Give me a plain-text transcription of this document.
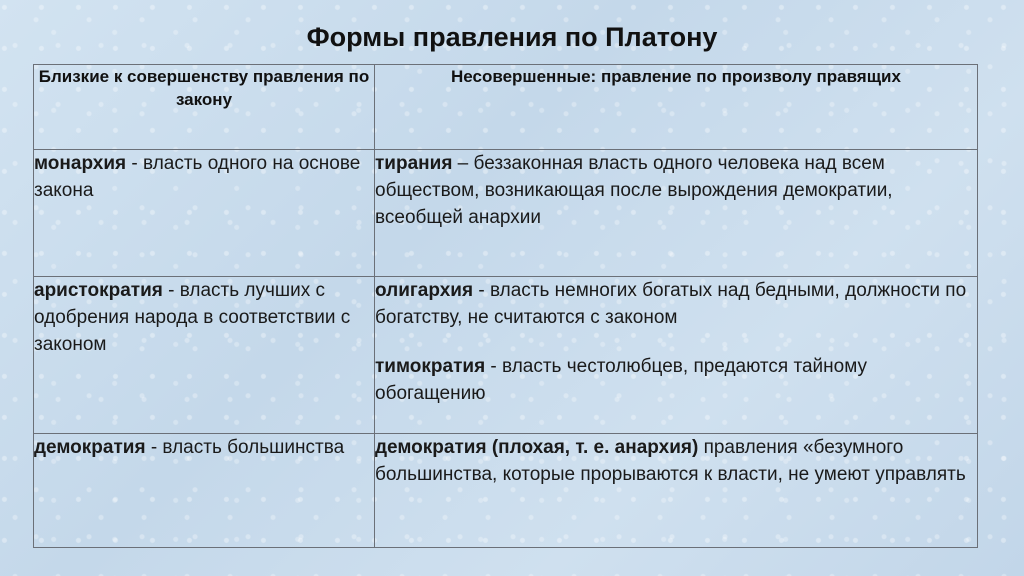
Формы правления по Платону
Близкие к совершенству правления по закону	Несовершенные: правление по произволу правящих
монархия - власть одного на основе закона	тирания – беззаконная власть одного человека над всем обществом, возникающая после вырождения демократии, всеобщей анархии

аристократия - власть лучших с одобрения народа в соответствии с законом	олигархия - власть немногих богатых над бедными, должности по богатству, не считаются с законом
тимократия - власть честолюбцев, предаются тайному обогащению

демократия - власть большинства	демократия (плохая, т. е. анархия) правления «безумного большинства, которые прорываются к власти, не умеют управлять
